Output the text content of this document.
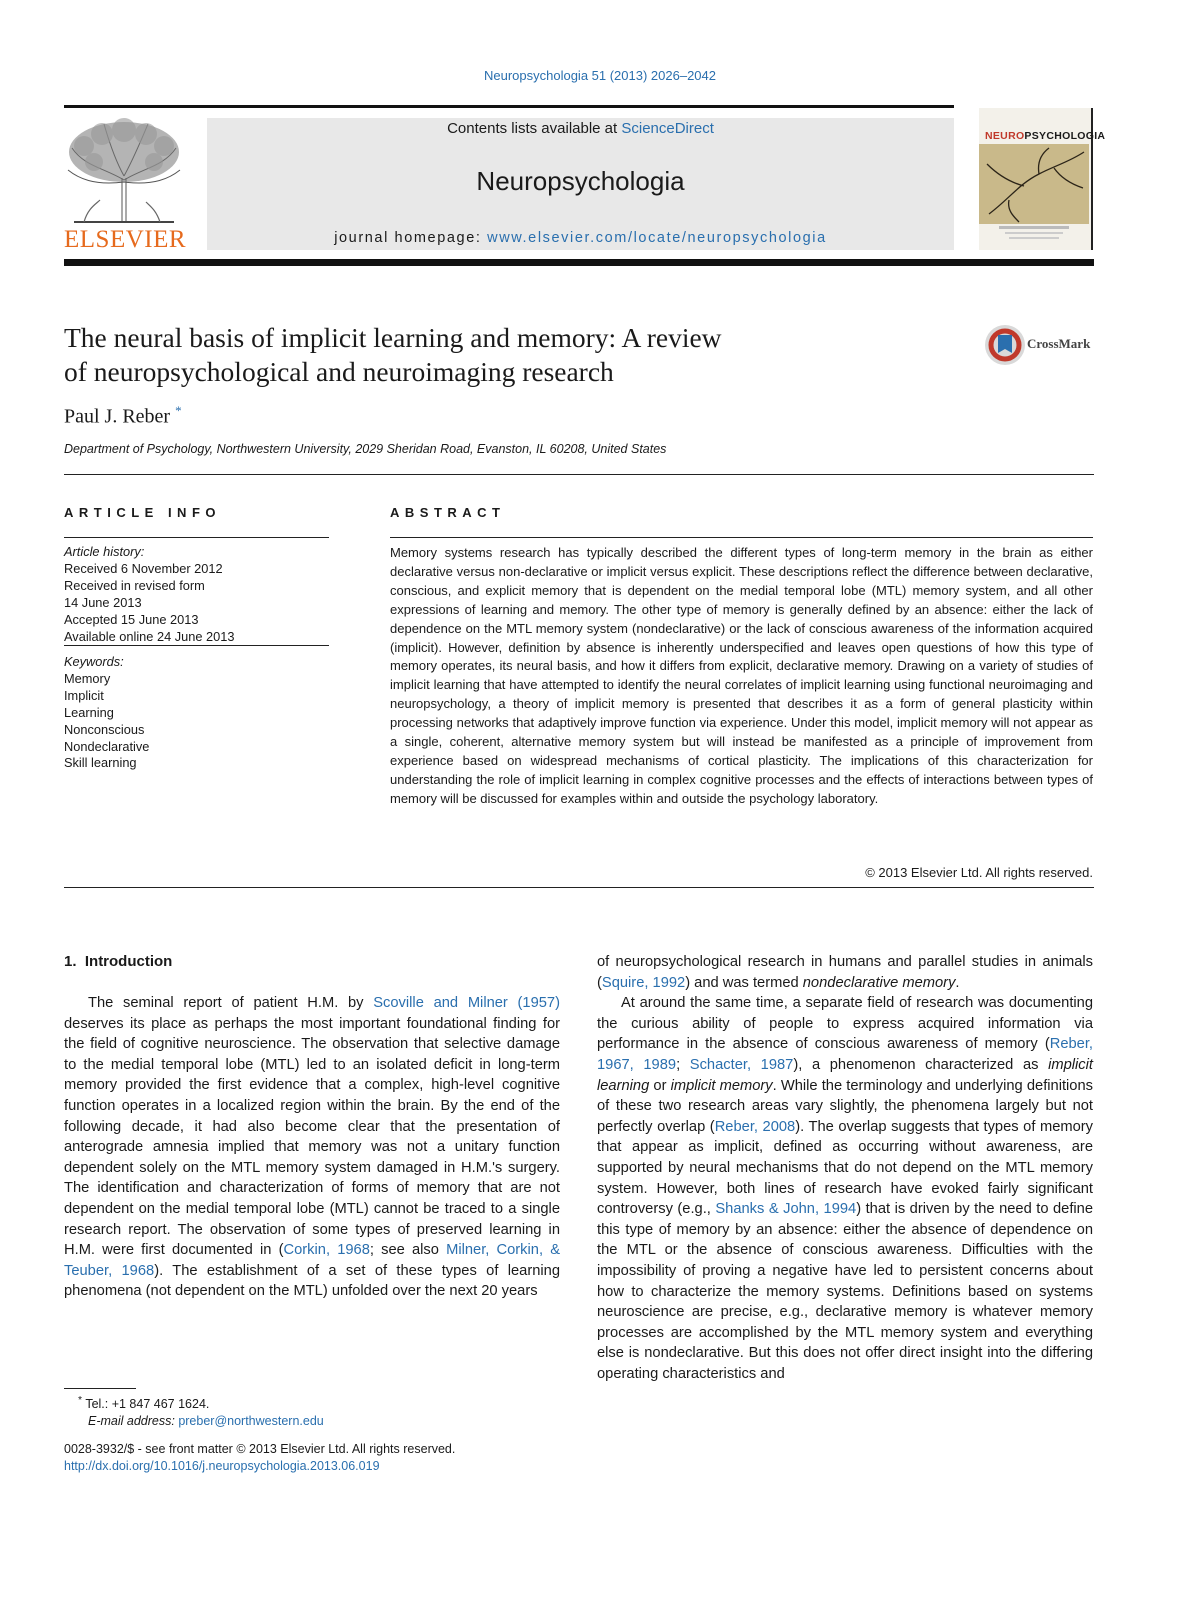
Neuropsychologia 51 (2013) 2026–2042
ELSEVIER
Contents lists available at ScienceDirect
Neuropsychologia
journal homepage: www.elsevier.com/locate/neuropsychologia
NEUROPSYCHOLOGIA
The neural basis of implicit learning and memory: A review
of neuropsychological and neuroimaging research
CrossMark
Paul J. Reber *
Department of Psychology, Northwestern University, 2029 Sheridan Road, Evanston, IL 60208, United States
ARTICLE INFO
Article history:
Received 6 November 2012
Received in revised form
14 June 2013
Accepted 15 June 2013
Available online 24 June 2013
Keywords:
Memory
Implicit
Learning
Nonconscious
Nondeclarative
Skill learning
ABSTRACT
Memory systems research has typically described the different types of long-term memory in the brain as either declarative versus non-declarative or implicit versus explicit. These descriptions reflect the difference between declarative, conscious, and explicit memory that is dependent on the medial temporal lobe (MTL) memory system, and all other expressions of learning and memory. The other type of memory is generally defined by an absence: either the lack of dependence on the MTL memory system (nondeclarative) or the lack of conscious awareness of the information acquired (implicit). However, definition by absence is inherently underspecified and leaves open questions of how this type of memory operates, its neural basis, and how it differs from explicit, declarative memory. Drawing on a variety of studies of implicit learning that have attempted to identify the neural correlates of implicit learning using functional neuroimaging and neuropsychology, a theory of implicit memory is presented that describes it as a form of general plasticity within processing networks that adaptively improve function via experience. Under this model, implicit memory will not appear as a single, coherent, alternative memory system but will instead be manifested as a principle of improvement from experience based on widespread mechanisms of cortical plasticity. The implications of this characterization for understanding the role of implicit learning in complex cognitive processes and the effects of interactions between types of memory will be discussed for examples within and outside the psychology laboratory.
© 2013 Elsevier Ltd. All rights reserved.
1. Introduction

The seminal report of patient H.M. by Scoville and Milner (1957) deserves its place as perhaps the most important foundational finding for the field of cognitive neuroscience. The observation that selective damage to the medial temporal lobe (MTL) led to an isolated deficit in long-term memory provided the first evidence that a complex, high-level cognitive function operates in a localized region within the brain. By the end of the following decade, it had also become clear that the presentation of anterograde amnesia implied that memory was not a unitary function dependent solely on the MTL memory system damaged in H.M.'s surgery. The identification and characterization of forms of memory that are not dependent on the medial temporal lobe (MTL) cannot be traced to a single research report. The observation of some types of preserved learning in H.M. were first documented in (Corkin, 1968; see also Milner, Corkin, & Teuber, 1968). The establishment of a set of these types of learning phenomena (not dependent on the MTL) unfolded over the next 20 years

of neuropsychological research in humans and parallel studies in animals (Squire, 1992) and was termed nondeclarative memory.

At around the same time, a separate field of research was documenting the curious ability of people to express acquired information via performance in the absence of conscious awareness of memory (Reber, 1967, 1989; Schacter, 1987), a phenomenon characterized as implicit learning or implicit memory. While the terminology and underlying definitions of these two research areas vary slightly, the phenomena largely but not perfectly overlap (Reber, 2008). The overlap suggests that types of memory that appear as implicit, defined as occurring without awareness, are supported by neural mechanisms that do not depend on the MTL memory system. However, both lines of research have evoked fairly significant controversy (e.g., Shanks & John, 1994) that is driven by the need to define this type of memory by an absence: either the absence of dependence on the MTL or the absence of conscious awareness. Difficulties with the impossibility of proving a negative have led to persistent concerns about how to characterize the memory systems. Definitions based on systems neuroscience are precise, e.g., declarative memory is whatever memory processes are accomplished by the MTL memory system and everything else is nondeclarative. But this does not offer direct insight into the differing operating characteristics and

* Tel.: +1 847 467 1624.
E-mail address: preber@northwestern.edu
0028-3932/$ - see front matter © 2013 Elsevier Ltd. All rights reserved.
http://dx.doi.org/10.1016/j.neuropsychologia.2013.06.019
